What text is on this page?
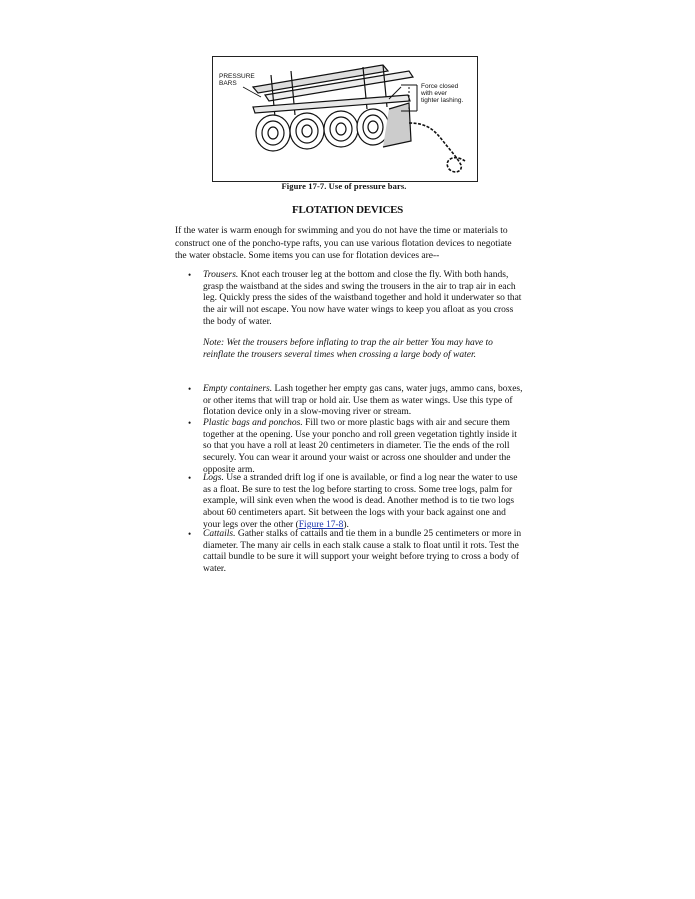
PRESSURE
BARS	Force closed
with ever
tighter lashing.
Figure 17-7. Use of pressure bars.
FLOTATION DEVICES
If the water is warm enough for swimming and you do not have the time or materials to construct one of the poncho-type rafts, you can use various flotation devices to negotiate the water obstacle. Some items you can use for flotation devices are--
• Trousers. Knot each trouser leg at the bottom and close the fly. With both hands, grasp the waistband at the sides and swing the trousers in the air to trap air in each leg. Quickly press the sides of the waistband together and hold it underwater so that the air will not escape. You now have water wings to keep you afloat as you cross the body of water.
Note: Wet the trousers before inflating to trap the air better You may have to reinflate the trousers several times when crossing a large body of water.
• Empty containers. Lash together her empty gas cans, water jugs, ammo cans, boxes, or other items that will trap or hold air. Use them as water wings. Use this type of flotation device only in a slow-moving river or stream.
• Plastic bags and ponchos. Fill two or more plastic bags with air and secure them together at the opening. Use your poncho and roll green vegetation tightly inside it so that you have a roll at least 20 centimeters in diameter. Tie the ends of the roll securely. You can wear it around your waist or across one shoulder and under the opposite arm.
• Logs. Use a stranded drift log if one is available, or find a log near the water to use as a float. Be sure to test the log before starting to cross. Some tree logs, palm for example, will sink even when the wood is dead. Another method is to tie two logs about 60 centimeters apart. Sit between the logs with your back against one and your legs over the other (Figure 17-8).
• Cattails. Gather stalks of cattails and tie them in a bundle 25 centimeters or more in diameter. The many air cells in each stalk cause a stalk to float until it rots. Test the cattail bundle to be sure it will support your weight before trying to cross a body of water.
